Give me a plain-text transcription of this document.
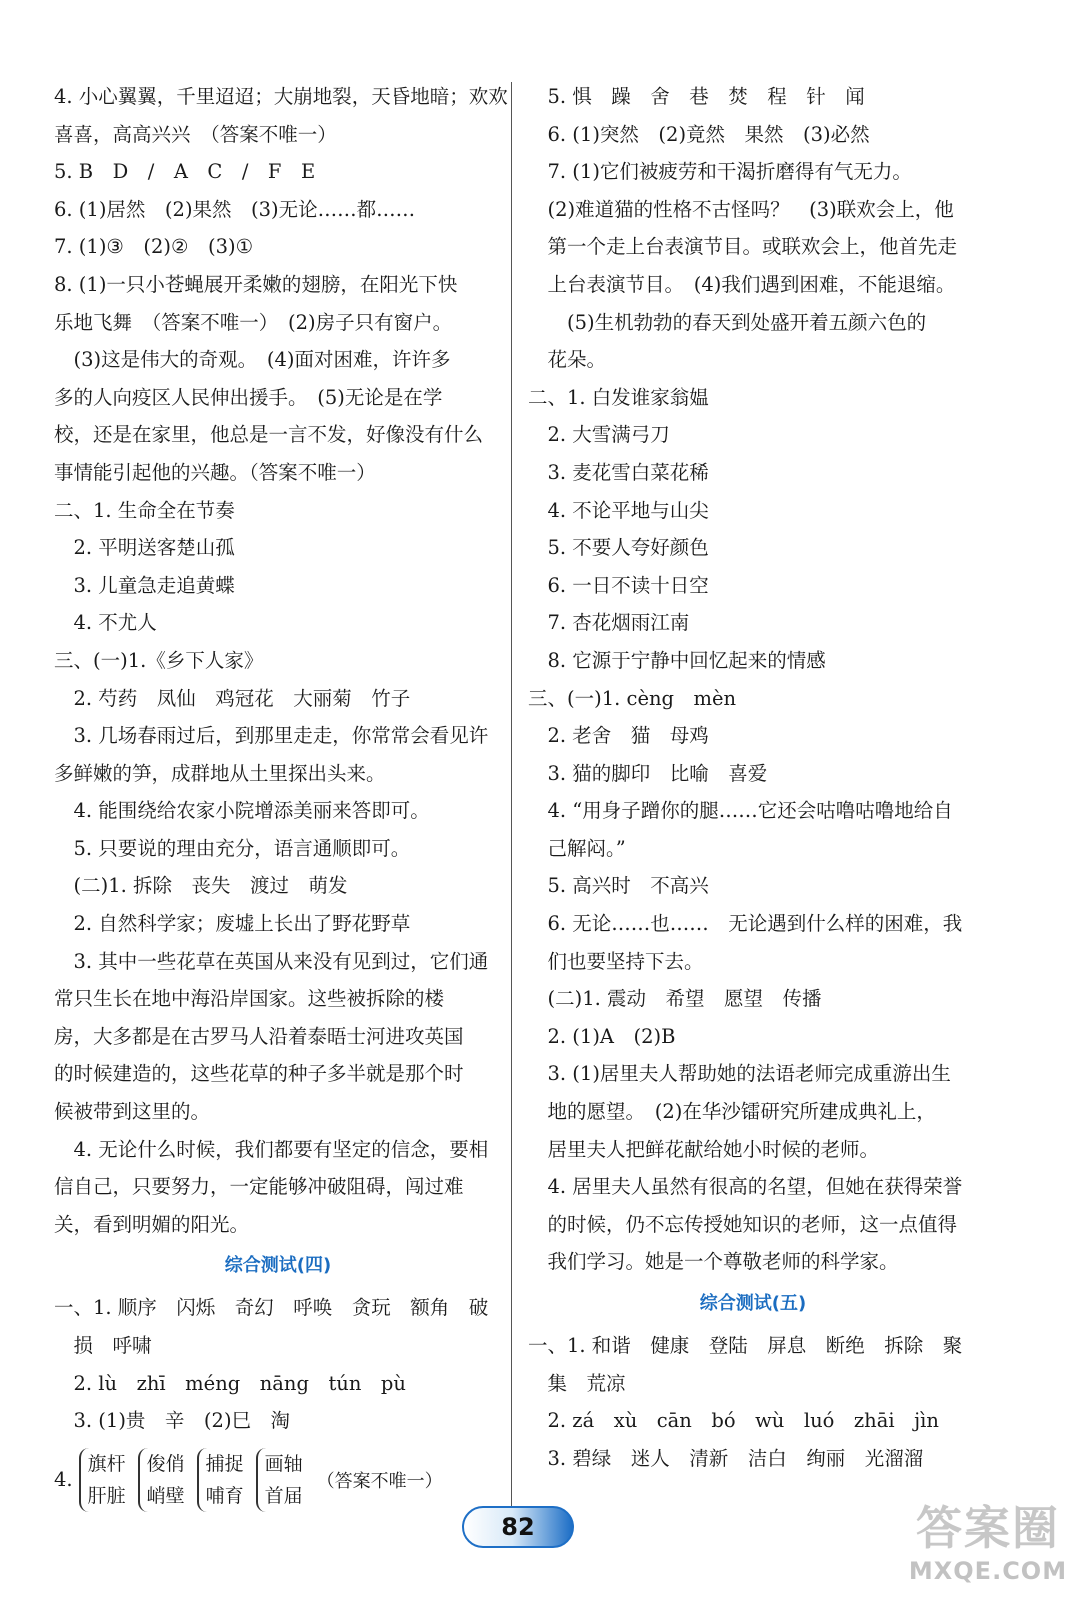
4. 小心翼翼，千里迢迢；大崩地裂，天昏地暗；欢欢
喜喜，高高兴兴　（答案不唯一）
5. B　D　/　A　C　/　F　E
6. (1)居然　(2)果然　(3)无论……都……
7. (1)③　(2)②　(3)①
8. (1)一只小苍蝇展开柔嫩的翅膀，在阳光下快
乐地飞舞　（答案不唯一）　(2)房子只有窗户。
　(3)这是伟大的奇观。　(4)面对困难，许许多
多的人向疫区人民伸出援手。　(5)无论是在学
校，还是在家里，他总是一言不发，好像没有什么
事情能引起他的兴趣。（答案不唯一）
二、1. 生命全在节奏
　2. 平明送客楚山孤
　3. 儿童急走追黄蝶
　4. 不尤人
三、(一)1.《乡下人家》
　2. 芍药　凤仙　鸡冠花　大丽菊　竹子
　3. 几场春雨过后，到那里走走，你常常会看见许
多鲜嫩的笋，成群地从土里探出头来。
　4. 能围绕给农家小院增添美丽来答即可。
　5. 只要说的理由充分，语言通顺即可。
　(二)1. 拆除　丧失　渡过　萌发
　2. 自然科学家；废墟上长出了野花野草
　3. 其中一些花草在英国从来没有见到过，它们通
常只生长在地中海沿岸国家。这些被拆除的楼
房，大多都是在古罗马人沿着泰晤士河进攻英国
的时候建造的，这些花草的种子多半就是那个时
候被带到这里的。
　4. 无论什么时候，我们都要有坚定的信念，要相
信自己，只要努力，一定能够冲破阻碍，闯过难
关，看到明媚的阳光。
综合测试(四)
一、1. 顺序　闪烁　奇幻　呼唤　贪玩　额角　破
　损　呼啸
　2. lù　zhī　méng　nāng　tún　pù
　3. (1)贵　辛　(2)巳　淘
4.
旗杆
肝脏
俊俏
峭壁
捕捉
哺育
画轴
首届
（答案不唯一）
　5. 惧　躁　舍　巷　焚　程　针　闻
　6. (1)突然　(2)竟然　果然　(3)必然
　7. (1)它们被疲劳和干渴折磨得有气无力。
　(2)难道猫的性格不古怪吗？　(3)联欢会上，他
　第一个走上台表演节目。或联欢会上，他首先走
　上台表演节目。　(4)我们遇到困难，不能退缩。
　　(5)生机勃勃的春天到处盛开着五颜六色的
　花朵。
二、1. 白发谁家翁媪
　2. 大雪满弓刀
　3. 麦花雪白菜花稀
　4. 不论平地与山尖
　5. 不要人夸好颜色
　6. 一日不读十日空
　7. 杏花烟雨江南
　8. 它源于宁静中回忆起来的情感
三、(一)1. cèng　mèn
　2. 老舍　猫　母鸡
　3. 猫的脚印　比喻　喜爱
　4. “用身子蹭你的腿……它还会咕噜咕噜地给自
　己解闷。”
　5. 高兴时　不高兴
　6. 无论……也……　无论遇到什么样的困难，我
　们也要坚持下去。
　(二)1. 震动　希望　愿望　传播
　2. (1)A　(2)B
　3. (1)居里夫人帮助她的法语老师完成重游出生
　地的愿望。　(2)在华沙镭研究所建成典礼上，
　居里夫人把鲜花献给她小时候的老师。
　4. 居里夫人虽然有很高的名望，但她在获得荣誉
　的时候，仍不忘传授她知识的老师，这一点值得
　我们学习。她是一个尊敬老师的科学家。
综合测试(五)
一、1. 和谐　健康　登陆　屏息　断绝　拆除　聚
　集　荒凉
　2. zá　xù　cān　bó　wù　luó　zhāi　jìn
　3. 碧绿　迷人　清新　洁白　绚丽　光溜溜
82	答案圈
MXQE.COM
